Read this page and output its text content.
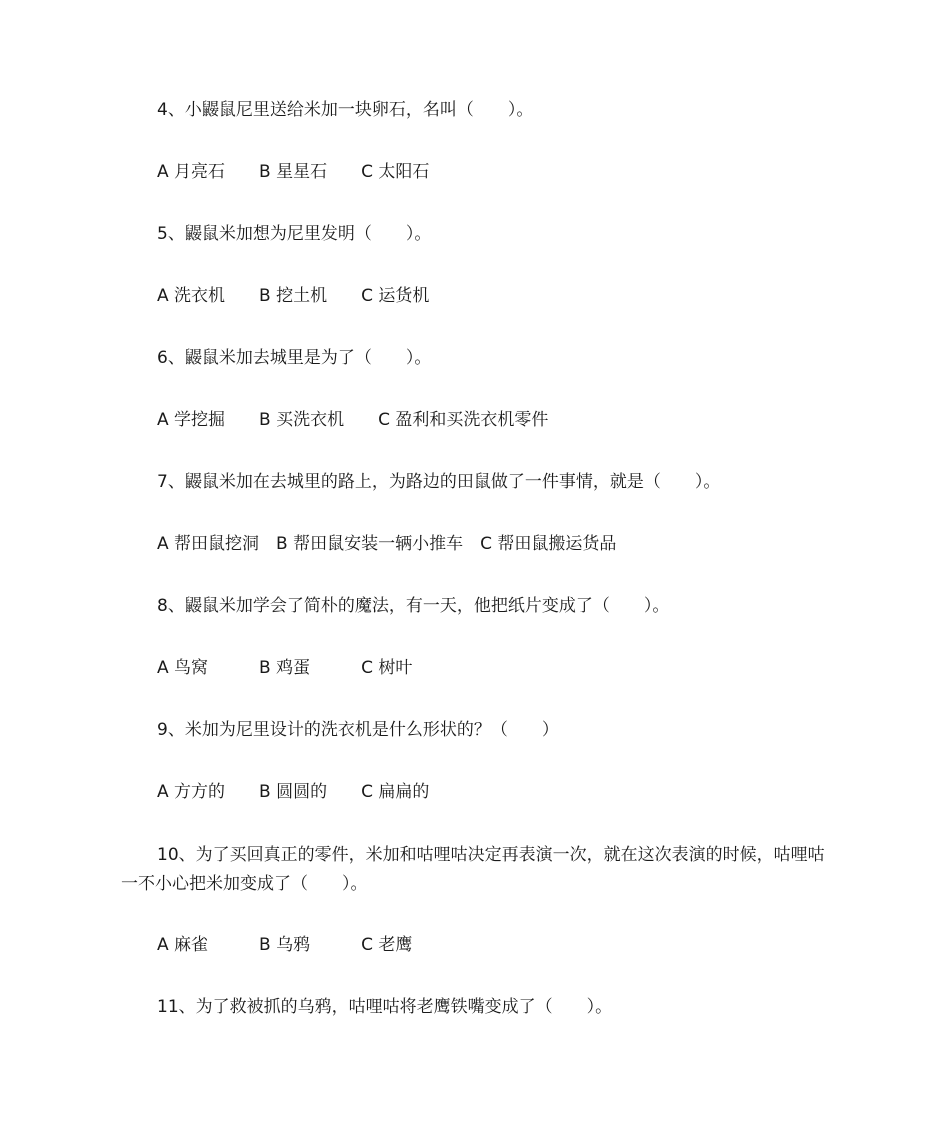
4、小鼹鼠尼里送给米加一块卵石，名叫（　　）。
A 月亮石　　B 星星石　　C 太阳石
5、鼹鼠米加想为尼里发明（　　）。
A 洗衣机　　B 挖土机　　C 运货机
6、鼹鼠米加去城里是为了（　　）。
A 学挖掘　　B 买洗衣机　　C 盈利和买洗衣机零件
7、鼹鼠米加在去城里的路上，为路边的田鼠做了一件事情，就是（　　）。
A 帮田鼠挖洞　B 帮田鼠安装一辆小推车　C 帮田鼠搬运货品
8、鼹鼠米加学会了简朴的魔法，有一天，他把纸片变成了（　　）。
A 鸟窝　　　B 鸡蛋　　　C 树叶
9、米加为尼里设计的洗衣机是什么形状的？（　　）
A 方方的　　B 圆圆的　　C 扁扁的
10、为了买回真正的零件，米加和咕哩咕决定再表演一次，就在这次表演的时候，咕哩咕一不小心把米加变成了（　　）。
A 麻雀　　　B 乌鸦　　　C 老鹰
11、为了救被抓的乌鸦，咕哩咕将老鹰铁嘴变成了（　　）。
